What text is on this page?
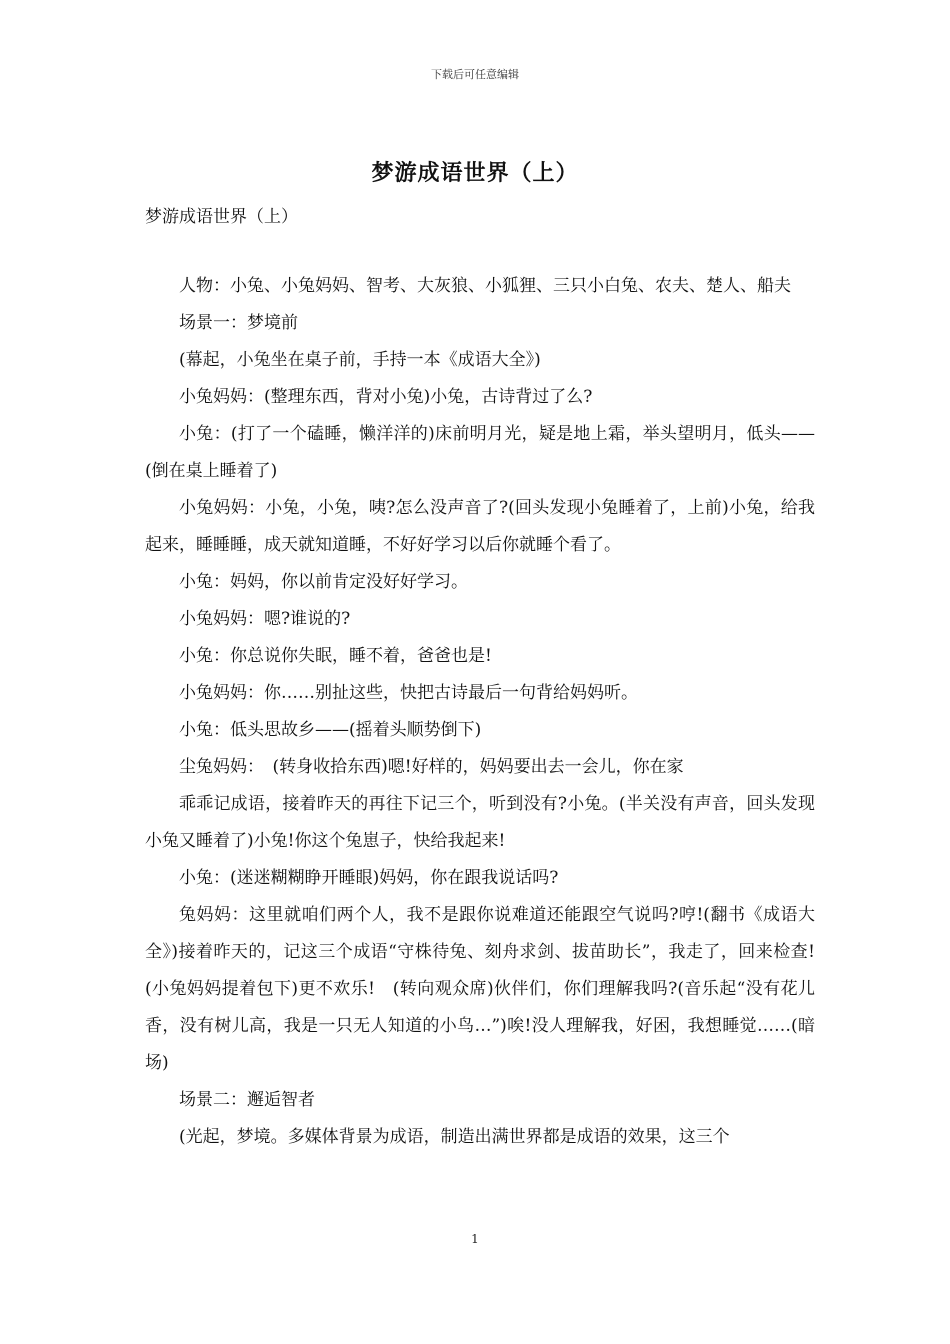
下载后可任意编辑
梦游成语世界（上）
梦游成语世界（上）

人物：小兔、小兔妈妈、智考、大灰狼、小狐狸、三只小白兔、农夫、楚人、船夫

场景一：梦境前

(幕起，小兔坐在桌子前，手持一本《成语大全》)

小兔妈妈：(整理东西，背对小兔)小兔，古诗背过了么?

小兔：(打了一个磕睡，懒洋洋的)床前明月光，疑是地上霜，举头望明月，低头——(倒在桌上睡着了)

小兔妈妈：小兔，小兔，咦?怎么没声音了?(回头发现小兔睡着了，上前)小兔，给我起来，睡睡睡，成天就知道睡，不好好学习以后你就睡个看了。

小兔：妈妈，你以前肯定没好好学习。

小兔妈妈：嗯?谁说的?

小兔：你总说你失眠，睡不着，爸爸也是!

小兔妈妈：你……别扯这些，快把古诗最后一句背给妈妈听。

小兔：低头思故乡——(摇着头顺势倒下)

尘兔妈妈：　(转身收拾东西)嗯!好样的，妈妈要出去一会儿，你在家

乖乖记成语，接着昨天的再往下记三个，听到没有?小兔。(半关没有声音，回头发现小兔又睡着了)小兔!你这个兔崽子，快给我起来!

小兔：(迷迷糊糊睁开睡眼)妈妈，你在跟我说话吗?

兔妈妈：这里就咱们两个人，我不是跟你说难道还能跟空气说吗?哼!(翻书《成语大全》)接着昨天的，记这三个成语“守株待兔、刻舟求剑、拔苗助长”，我走了，回来检查!(小兔妈妈提着包下)更不欢乐!　(转向观众席)伙伴们，你们理解我吗?(音乐起“没有花儿香，没有树儿高，我是一只无人知道的小鸟…”)唉!没人理解我，好困，我想睡觉……(暗场)

场景二：邂逅智者

(光起，梦境。多媒体背景为成语，制造出满世界都是成语的效果，这三个

1
